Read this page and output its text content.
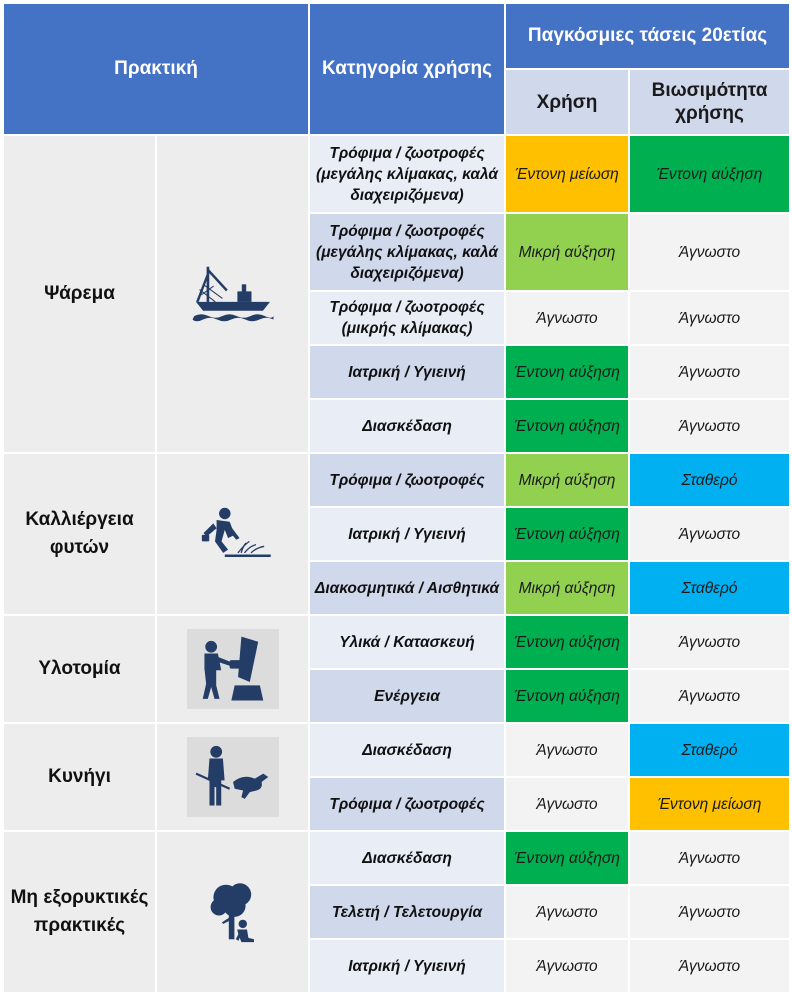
Πρακτική		Κατηγορία χρήσης	Παγκόσμιες τάσεις 20ετίας	
			Χρήση	Βιωσιμότητα χρήσης
Ψάρεμα		Τρόφιμα / ζωοτροφές (μεγάλης κλίμακας, καλά διαχειριζόμενα)	Έντονη μείωση	Έντονη αύξηση
		Τρόφιμα / ζωοτροφές (μεγάλης κλίμακας, καλά διαχειριζόμενα)	Μικρή αύξηση	Άγνωστο
		Τρόφιμα / ζωοτροφές (μικρής κλίμακας)	Άγνωστο	Άγνωστο
		Ιατρική / Υγιεινή	Έντονη αύξηση	Άγνωστο
		Διασκέδαση	Έντονη αύξηση	Άγνωστο
Καλλιέργεια φυτών		Τρόφιμα / ζωοτροφές	Μικρή αύξηση	Σταθερό
		Ιατρική / Υγιεινή	Έντονη αύξηση	Άγνωστο
		Διακοσμητικά / Αισθητικά	Μικρή αύξηση	Σταθερό
Υλοτομία		Υλικά / Κατασκευή	Έντονη αύξηση	Άγνωστο
		Ενέργεια	Έντονη αύξηση	Άγνωστο
Κυνήγι		Διασκέδαση	Άγνωστο	Σταθερό
		Τρόφιμα / ζωοτροφές	Άγνωστο	Έντονη μείωση
Μη εξορυκτικές πρακτικές		Διασκέδαση	Έντονη αύξηση	Άγνωστο
		Τελετή / Τελετουργία	Άγνωστο	Άγνωστο
		Ιατρική / Υγιεινή	Άγνωστο	Άγνωστο
